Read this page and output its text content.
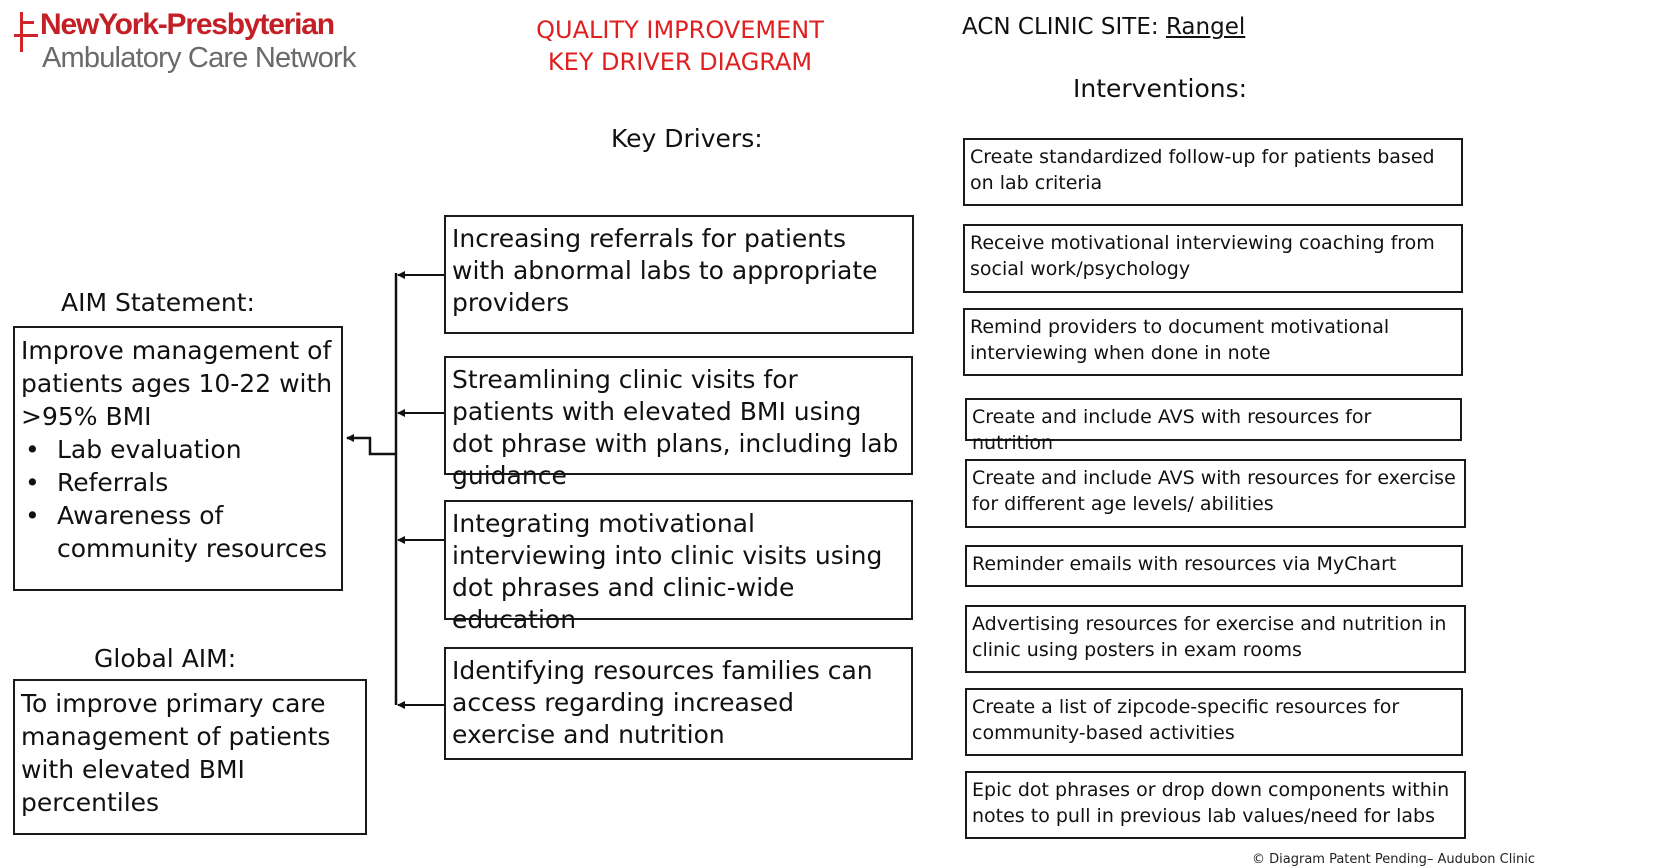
NewYork-Presbyterian
Ambulatory Care Network
QUALITY IMPROVEMENT
KEY DRIVER DIAGRAM
ACN CLINIC SITE: Rangel
Interventions:
Key Drivers:
AIM Statement:
Global AIM:
Improve management of patients ages 10-22 with >95% BMI
• Lab evaluation
• Referrals
• Awareness of community resources
To improve primary care management of patients with elevated BMI percentiles
Increasing referrals for patients with abnormal labs to appropriate providers
Streamlining clinic visits for patients with elevated BMI using dot phrase with plans, including lab guidance
Integrating motivational interviewing into clinic visits using dot phrases and clinic-wide education
Identifying resources families can access regarding increased exercise and nutrition
Create standardized follow-up for patients based on lab criteria
Receive motivational interviewing coaching from social work/psychology
Remind providers to document motivational interviewing when done in note
Create and include AVS with resources for nutrition
Create and include AVS with resources for exercise for different age levels/ abilities
Reminder emails with resources via MyChart
Advertising resources for exercise and nutrition in clinic using posters in exam rooms
Create a list of zipcode-specific resources for community-based activities
Epic dot phrases or drop down components within notes to pull in previous lab values/need for labs
© Diagram Patent Pending– Audubon Clinic
